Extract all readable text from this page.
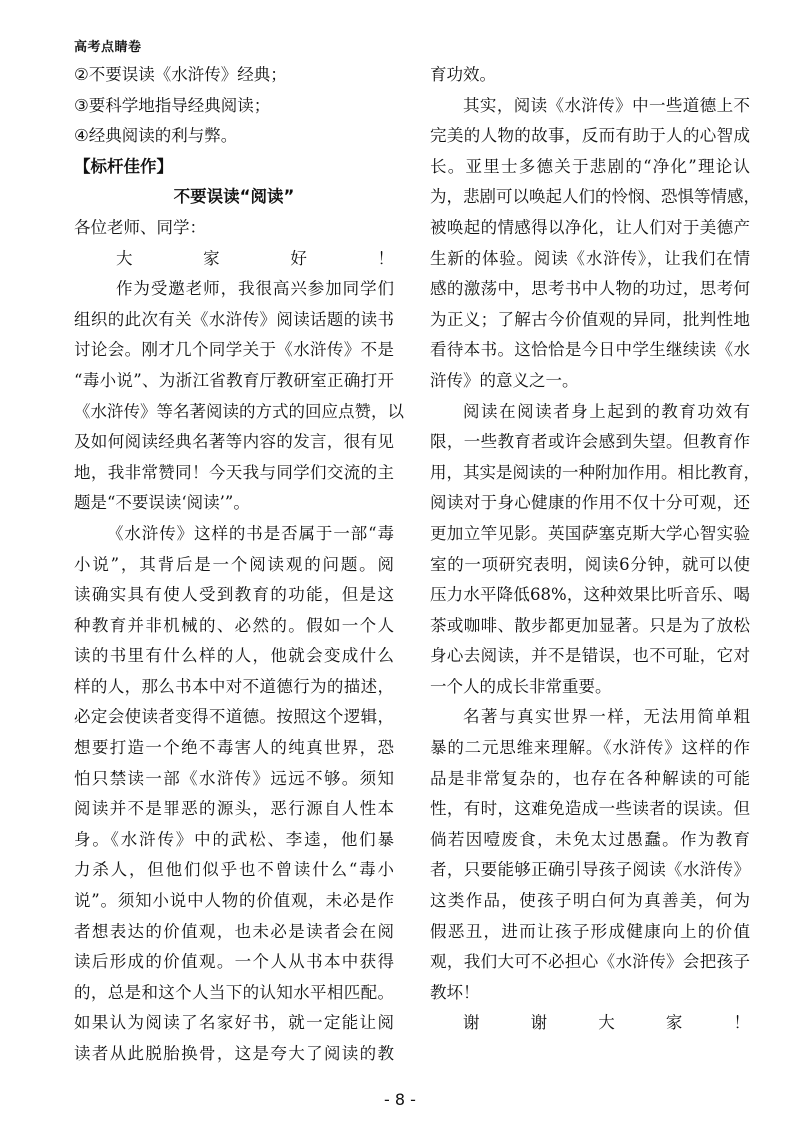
高考点睛卷
②不要误读《水浒传》经典；
③要科学地指导经典阅读；
④经典阅读的利与弊。
【标杆佳作】
不要误读“阅读”
各位老师、同学：
大家好！
作为受邀老师，我很高兴参加同学们
组织的此次有关《水浒传》阅读话题的读书
讨论会。刚才几个同学关于《水浒传》不是
“毒小说”、为浙江省教育厅教研室正确打开
《水浒传》等名著阅读的方式的回应点赞，以
及如何阅读经典名著等内容的发言，很有见
地，我非常赞同！今天我与同学们交流的主
题是“不要误读‘阅读’”。
《水浒传》这样的书是否属于一部“毒
小说”，其背后是一个阅读观的问题。阅
读确实具有使人受到教育的功能，但是这
种教育并非机械的、必然的。假如一个人
读的书里有什么样的人，他就会变成什么
样的人，那么书本中对不道德行为的描述，
必定会使读者变得不道德。按照这个逻辑，
想要打造一个绝不毒害人的纯真世界，恐
怕只禁读一部《水浒传》远远不够。须知
阅读并不是罪恶的源头，恶行源自人性本
身。《水浒传》中的武松、李逵，他们暴
力杀人，但他们似乎也不曾读什么“毒小
说”。须知小说中人物的价值观，未必是作
者想表达的价值观，也未必是读者会在阅
读后形成的价值观。一个人从书本中获得
的，总是和这个人当下的认知水平相匹配。
如果认为阅读了名家好书，就一定能让阅
读者从此脱胎换骨，这是夸大了阅读的教
育功效。
其实，阅读《水浒传》中一些道德上不
完美的人物的故事，反而有助于人的心智成
长。亚里士多德关于悲剧的“净化”理论认
为，悲剧可以唤起人们的怜悯、恐惧等情感，
被唤起的情感得以净化，让人们对于美德产
生新的体验。阅读《水浒传》，让我们在情
感的激荡中，思考书中人物的功过，思考何
为正义；了解古今价值观的异同，批判性地
看待本书。这恰恰是今日中学生继续读《水
浒传》的意义之一。
阅读在阅读者身上起到的教育功效有
限，一些教育者或许会感到失望。但教育作
用，其实是阅读的一种附加作用。相比教育，
阅读对于身心健康的作用不仅十分可观，还
更加立竿见影。英国萨塞克斯大学心智实验
室的一项研究表明，阅读6分钟，就可以使
压力水平降低68%，这种效果比听音乐、喝
茶或咖啡、散步都更加显著。只是为了放松
身心去阅读，并不是错误，也不可耻，它对
一个人的成长非常重要。
名著与真实世界一样，无法用简单粗
暴的二元思维来理解。《水浒传》这样的作
品是非常复杂的，也存在各种解读的可能
性，有时，这难免造成一些读者的误读。但
倘若因噎废食，未免太过愚蠢。作为教育
者，只要能够正确引导孩子阅读《水浒传》
这类作品，使孩子明白何为真善美，何为
假恶丑，进而让孩子形成健康向上的价值
观，我们大可不必担心《水浒传》会把孩子
教坏！
谢谢大家！
- 8 -
